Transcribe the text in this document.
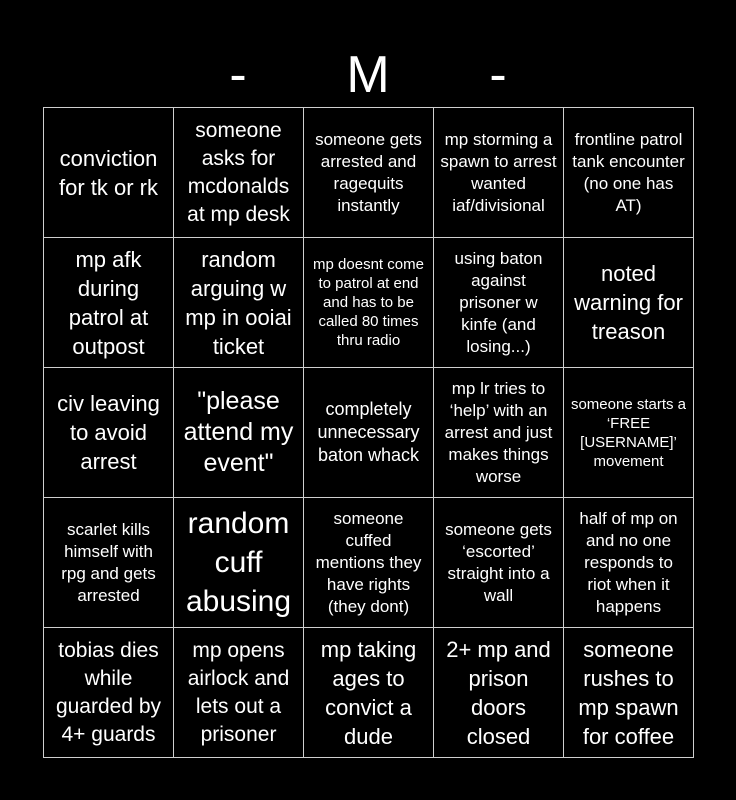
- M -
conviction for tk or rk
someone asks for mcdonalds at mp desk
someone gets arrested and ragequits instantly
mp storming a spawn to arrest wanted iaf/divisional
frontline patrol tank encounter (no one has AT)
mp afk during patrol at outpost
random arguing w mp in ooiai ticket
mp doesnt come to patrol at end and has to be called 80 times thru radio
using baton against prisoner w kinfe (and losing...)
noted warning for treason
civ leaving to avoid arrest
"please attend my event"
completely unnecessary baton whack
mp lr tries to ‘help’ with an arrest and just makes things worse
someone starts a ‘FREE [USERNAME]’ movement
scarlet kills himself with rpg and gets arrested
random cuff abusing
someone cuffed mentions they have rights (they dont)
someone gets ‘escorted’ straight into a wall
half of mp on and no one responds to riot when it happens
tobias dies while guarded by 4+ guards
mp opens airlock and lets out a prisoner
mp taking ages to convict a dude
2+ mp and prison doors closed
someone rushes to mp spawn for coffee
